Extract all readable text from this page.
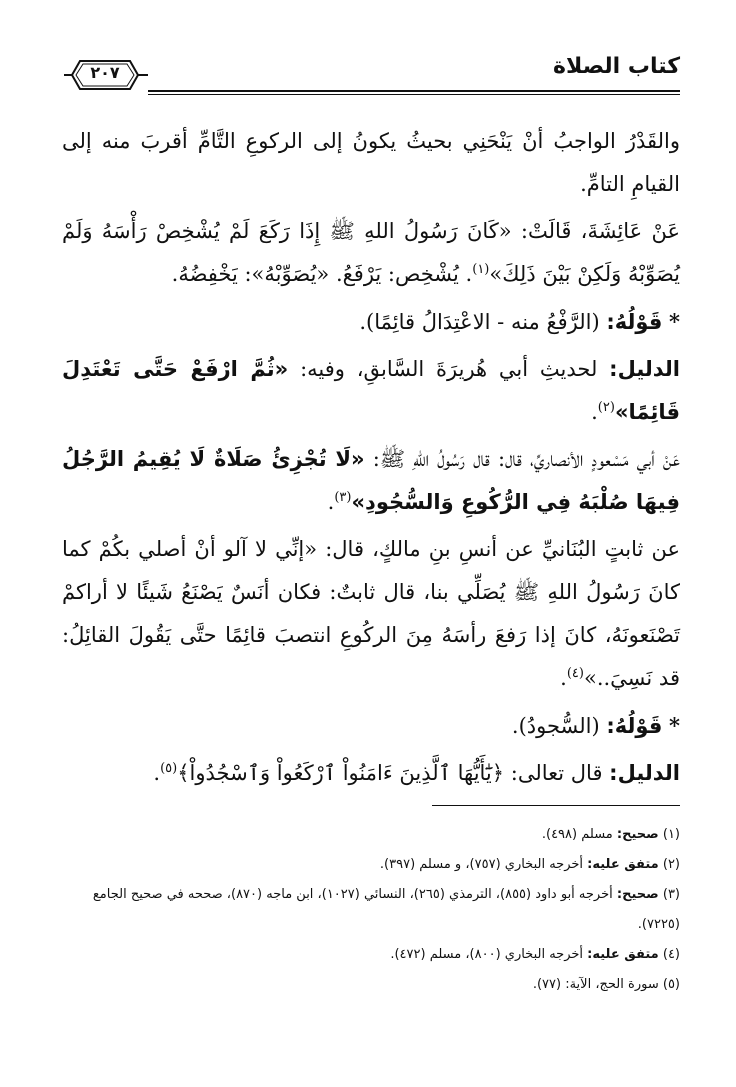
٢٠٧	كتاب الصلاة

والقَدْرُ الواجبُ أنْ يَنْحَنِي بحيثُ يكونُ إلى الركوعِ التَّامِّ أقربَ منه إلى القيامِ التامِّ.

عَنْ عَائِشَةَ، قَالَتْ: «كَانَ رَسُولُ اللهِ ﷺ إِذَا رَكَعَ لَمْ يُشْخِصْ رَأْسَهُ وَلَمْ يُصَوِّبْهُ وَلَكِنْ بَيْنَ ذَلِكَ»$^{(١)}$. يُشْخِص: يَرْفَعُ. «يُصَوِّبْهُ»: يَخْفِضُهُ.

* قَوْلُهُ: (الرَّفْعُ منه - الاعْتِدَالُ قائِمًا).

الدليل: لحديثِ أبي هُريرَةَ السَّابقِ، وفيه: «ثُمَّ ارْفَعْ حَتَّى تَعْتَدِلَ قَائِمًا»$^{(٢)}$.

عَنْ أبي مَسْعودٍ الأنصاريِّ، قال: قال رَسُولُ اللهِ ﷺ: «لَا تُجْزِئُ صَلَاةٌ لَا يُقِيمُ الرَّجُلُ فِيهَا صُلْبَهُ فِي الرُّكُوعِ وَالسُّجُودِ»$^{(٣)}$.

عن ثابتٍ البُنَانيِّ عن أنسِ بنِ مالكٍ، قال: «إنِّي لا آلو أنْ أصلي بكُمْ كما كانَ رَسُولُ اللهِ ﷺ يُصَلِّي بنا، قال ثابتٌ: فكان أنَسٌ يَصْنَعُ شَيئًا لا أراكمْ تَصْنَعونَهُ، كانَ إذا رَفعَ رأسَهُ مِنَ الركُوعِ انتصبَ قائِمًا حتَّى يَقُولَ القائِلُ: قد نَسِيَ..»$^{(٤)}$.

* قَوْلُهُ: (السُّجودُ).

الدليل: قال تعالى: ﴿يَٰٓأَيُّهَا ٱلَّذِينَ ءَامَنُواْ ٱرْكَعُواْ وَٱسْجُدُواْ﴾$^{(٥)}$.

(١) صحيح: مسلم (٤٩٨).

(٢) متفق عليه: أخرجه البخاري (٧٥٧)، و مسلم (٣٩٧).

(٣) صحيح: أخرجه أبو داود (٨٥٥)، الترمذي (٢٦٥)، النسائي (١٠٢٧)، ابن ماجه (٨٧٠)، صححه في صحيح الجامع (٧٢٢٥).

(٤) متفق عليه: أخرجه البخاري (٨٠٠)، مسلم (٤٧٢).

(٥) سورة الحج، الآية: (٧٧).
